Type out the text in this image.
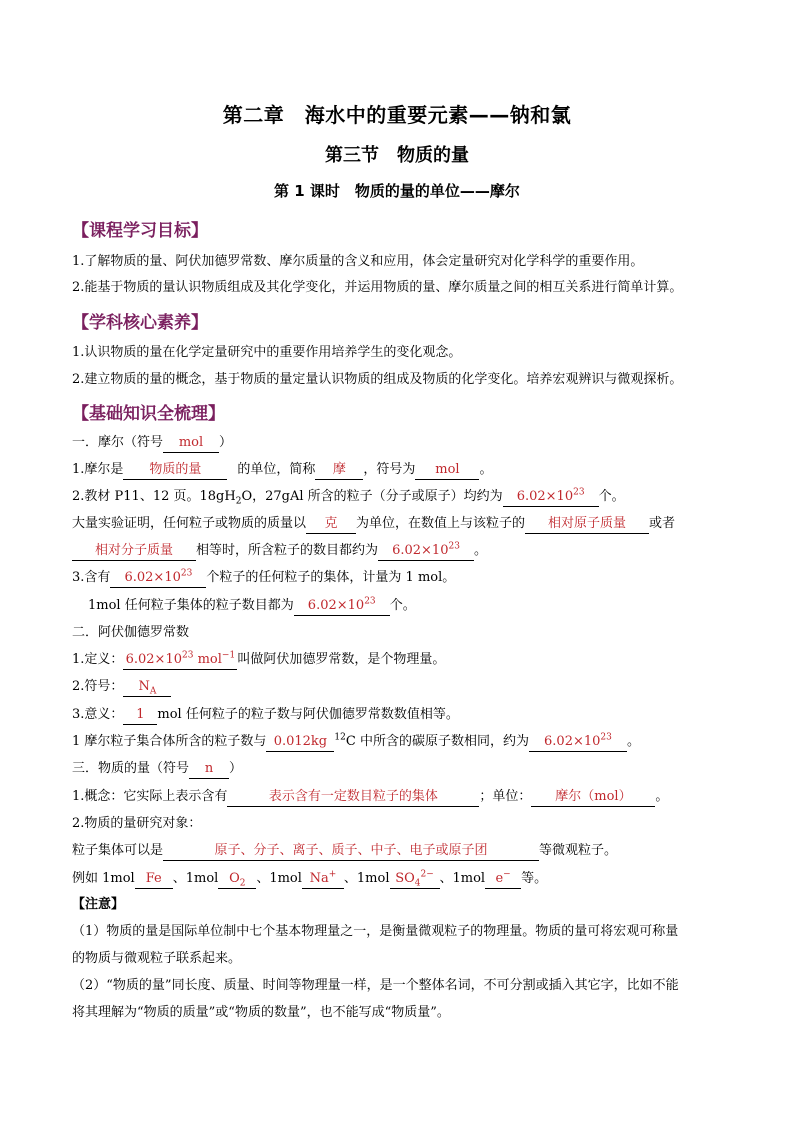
第二章　海水中的重要元素——钠和氯
第三节　物质的量
第 1 课时　物质的量的单位——摩尔
【课程学习目标】
1.了解物质的量、阿伏加德罗常数、摩尔质量的含义和应用，体会定量研究对化学科学的重要作用。
2.能基于物质的量认识物质组成及其化学变化，并运用物质的量、摩尔质量之间的相互关系进行简单计算。
【学科核心素养】
1.认识物质的量在化学定量研究中的重要作用培养学生的变化观念。
2.建立物质的量的概念，基于物质的量定量认识物质的组成及物质的化学变化。培养宏观辨识与微观探析。
【基础知识全梳理】
一．摩尔（符号 mol ）
1.摩尔是 物质的量	的单位，简称 摩 ，符号为 mol 。
2.教材 P11、12 页。$18gH_2O$，27gAl 所含的粒子（分子或原子）均约为 $6.02\times 10^{23}$ 个。
大量实验证明，任何粒子或物质的质量以 克 为单位，在数值上与该粒子的 相对原子质量 或者
相对分子质量 相等时，所含粒子的数目都约为 $6.02\times 10^{23}$ 。
3.含有 $6.02\times 10^{23}$ 个粒子的任何粒子的集体，计量为 1 mol。
1mol 任何粒子集体的粒子数目都为 $6.02\times 10^{23}$ 个。
二．阿伏伽德罗常数
1.定义： $6.02\times 10^{23}$ mol$^{-1}$ 叫做阿伏加德罗常数，是个物理量。
2.符号： $N_A$
3.意义： 1 mol 任何粒子的粒子数与阿伏伽德罗常数数值相等。
1 摩尔粒子集合体所含的粒子数与 0.012kg $^{12}$C 中所含的碳原子数相同，约为 $6.02\times 10^{23}$ 。
三．物质的量（符号 n ）
1.概念：它实际上表示含有	表示含有一定数目粒子的集体	；单位： 摩尔（mol） 。
2.物质的量研究对象：
粒子集体可以是	原子、分子、离子、质子、中子、电子或原子团	等微观粒子。
例如 1mol Fe 、1mol $O_2$ 、1mol Na+ 、1mol $SO_4^{2-}$ 、1mol e− 等。
【注意】
（1）物质的量是国际单位制中七个基本物理量之一，是衡量微观粒子的物理量。物质的量可将宏观可称量
的物质与微观粒子联系起来。
（2）“物质的量”同长度、质量、时间等物理量一样，是一个整体名词，不可分割或插入其它字，比如不能
将其理解为“物质的质量”或“物质的数量”，也不能写成“物质量”。
